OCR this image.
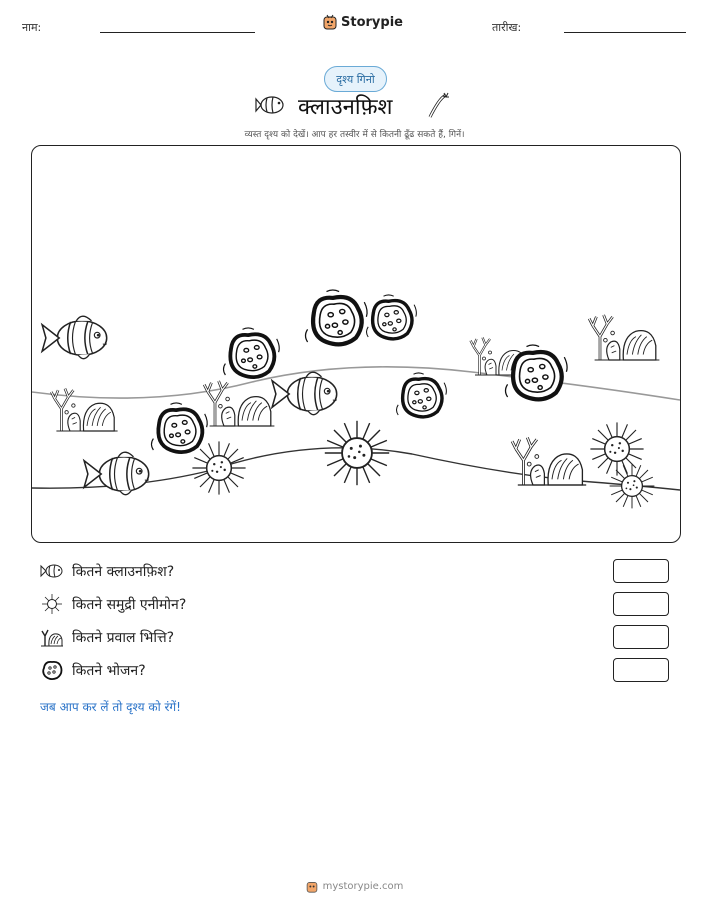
नाम:	Storypie	तारीख:
दृश्य गिनो
क्लाउनफ़िश
व्यस्त दृश्य को देखें। आप हर तस्वीर में से कितनी ढूँढ सकते हैं, गिनें।
कितने क्लाउनफ़िश?
कितने समुद्री एनीमोन?
कितने प्रवाल भित्ति?
कितने भोजन?
जब आप कर लें तो दृश्य को रंगें!
mystorypie.com
